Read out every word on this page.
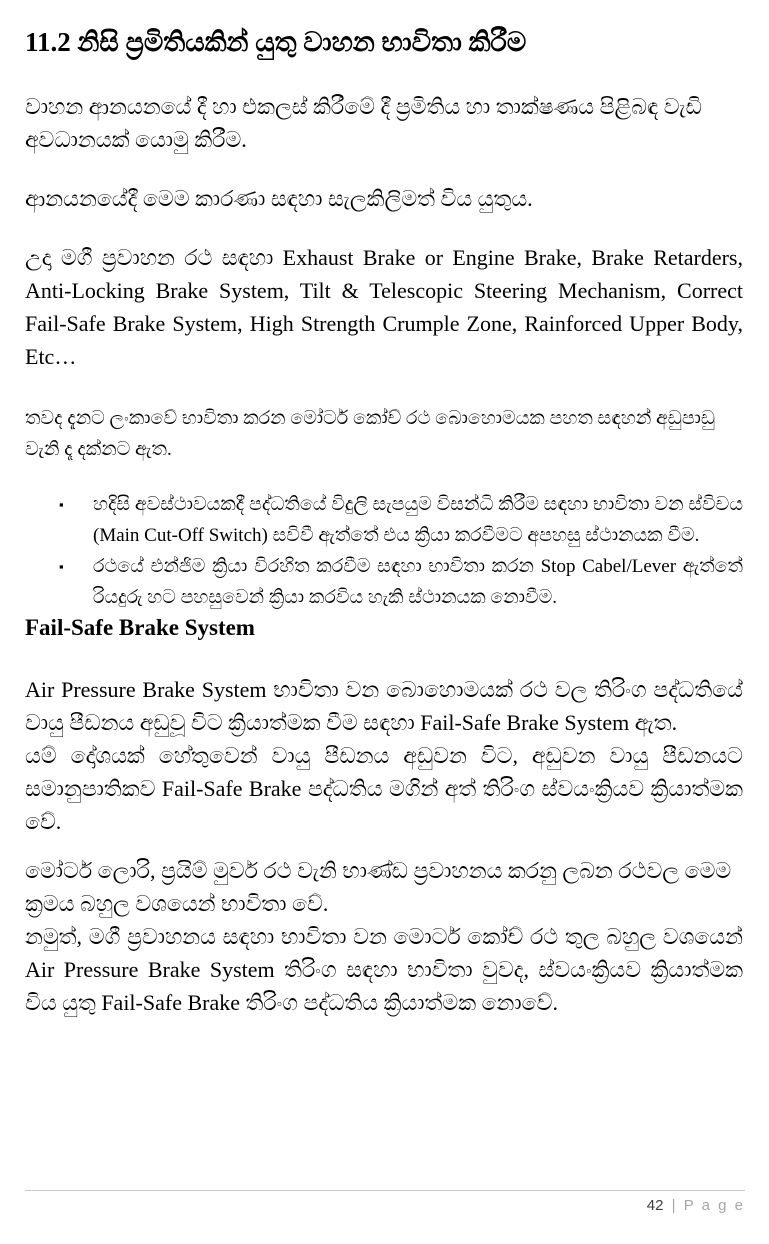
11.2 නිසි ප්‍රමිතියකින් යුතු වාහන භාවිතා කිරීම

වාහන ආනයනයේ දී හා එකලස් කිරීමේ දී ප්‍රමිතිය හා තාක්ෂණය පිළිබඳ වැඩි අවධානයක් යොමු කිරීම.

ආනයනයේදී මෙම කාරණා සඳහා සැලකිලිමත් විය යුතුය.

උදා මගී ප්‍රවාහන රථ සඳහා Exhaust Brake or Engine Brake, Brake Retarders, Anti-Locking Brake System, Tilt & Telescopic Steering Mechanism, Correct Fail-Safe Brake System, High Strength Crumple Zone, Rainforced Upper Body, Etc…

තවද දැනට ලංකාවේ භාවිතා කරන මෝටර් කෝච් රථ බොහොමයක පහත සඳහන් අඩුපාඩු වැනි දෑ දක්නට ඇත.

▪	හදිසි අවස්ථාවයකදී පද්ධතියේ විදුලි සැපයුම විසන්ධි කිරීම සඳහා භාවිතා වන ස්විචය (Main Cut-Off Switch) සවිවී ඇත්තේ එය ක්‍රියා කරවීමට අපහසු ස්ථානයක වීම.
▪	රථයේ එන්ජිම ක්‍රියා විරහිත කරවීම සඳහා භාවිතා කරන Stop Cabel/Lever ඇත්තේ රියදුරු හට පහසුවෙන් ක්‍රියා කරවිය හැකි ස්ථානයක නොවීම.
Fail-Safe Brake System

Air Pressure Brake System භාවිතා වන බොහොමයක් රථ වල තිරිංග පද්ධතියේ වායු පීඩනය අඩුවූ විට ක්‍රියාත්මක වීම සඳහා Fail-Safe Brake System ඇත.

යම් දෝශයක් හේතුවෙන් වායු පීඩනය අඩුවන විට, අඩුවන වායු පීඩනයට සමානුපාතිකව Fail-Safe Brake පද්ධතිය මගින් අත් තිරිංග ස්වයංක්‍රියව ක්‍රියාත්මක වේ.

මෝටර් ලොරි, ප්‍රයිම් මුවර් රථ වැනි භාණ්ඩ ප්‍රවාහනය කරනු ලබන රථවල මෙම ක්‍රමය බහුල වශයෙන් භාවිතා වේ.

නමුත්, මගී ප්‍රවාහනය සඳහා භාවිතා වන මොටර් කෝච් රථ තුල බහුල වශයෙන් Air Pressure Brake System තිරිංග සඳහා භාවිතා වුවද, ස්වයංක්‍රියව ක්‍රියාත්මක විය යුතු Fail-Safe Brake තිරිංග පද්ධතිය ක්‍රියාත්මක නොවේ.

42 | P a g e
